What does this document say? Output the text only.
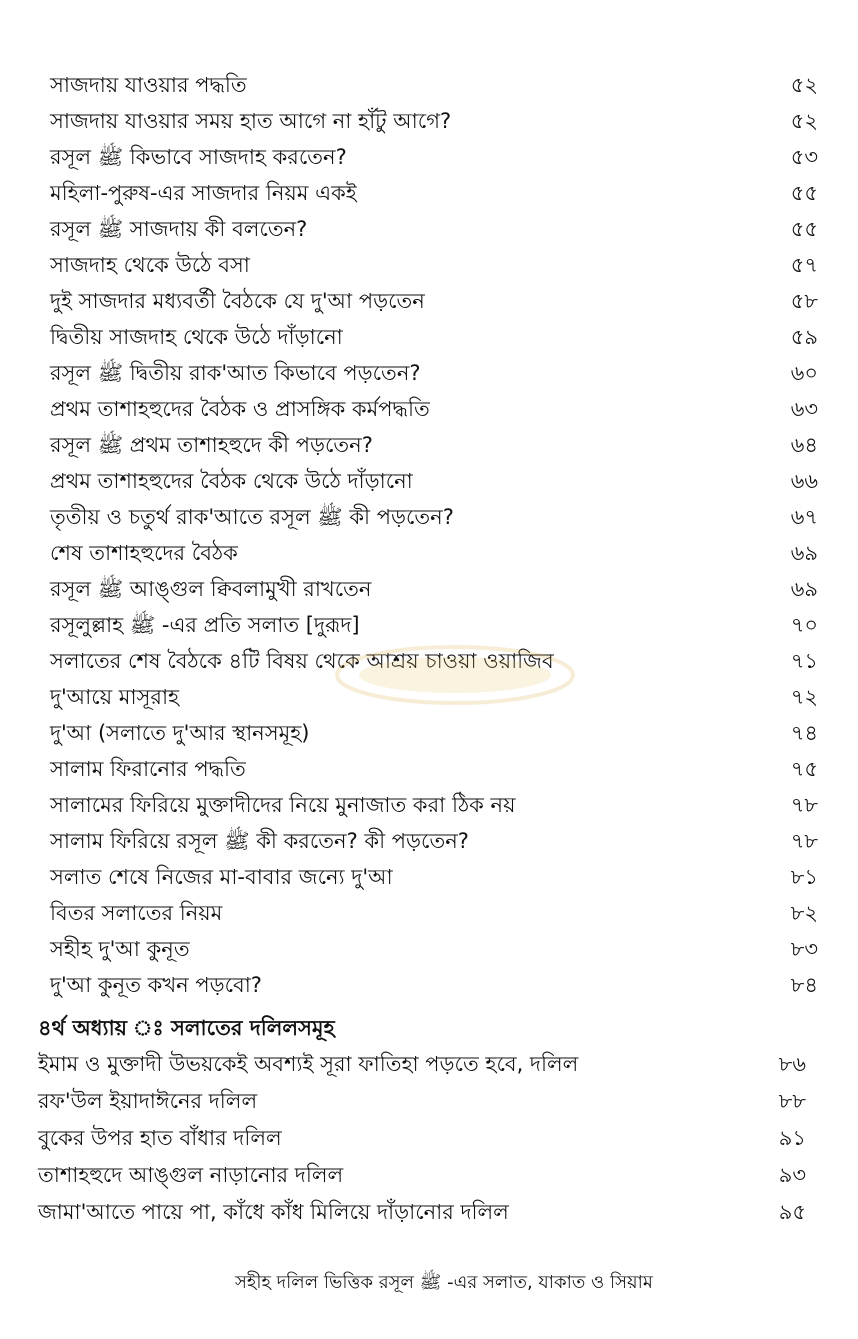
সাজদায় যাওয়ার পদ্ধতি	৫২
সাজদায় যাওয়ার সময় হাত আগে না হাঁটু আগে?	৫২
রসূল ﷺ কিভাবে সাজদাহ করতেন?	৫৩
মহিলা-পুরুষ-এর সাজদার নিয়ম একই	৫৫
রসূল ﷺ সাজদায় কী বলতেন?	৫৫
সাজদাহ থেকে উঠে বসা	৫৭
দুই সাজদার মধ্যবর্তী বৈঠকে যে দু'আ পড়তেন	৫৮
দ্বিতীয় সাজদাহ থেকে উঠে দাঁড়ানো	৫৯
রসূল ﷺ দ্বিতীয় রাক'আত কিভাবে পড়তেন?	৬০
প্রথম তাশাহহুদের বৈঠক ও প্রাসঙ্গিক কর্মপদ্ধতি	৬৩
রসূল ﷺ প্রথম তাশাহহুদে কী পড়তেন?	৬৪
প্রথম তাশাহহুদের বৈঠক থেকে উঠে দাঁড়ানো	৬৬
তৃতীয় ও চতুর্থ রাক'আতে রসূল ﷺ কী পড়তেন?	৬৭
শেষ তাশাহহুদের বৈঠক	৬৯
রসূল ﷺ আঙ্গুল ক্বিবলামুখী রাখতেন	৬৯
রসূলুল্লাহ ﷺ -এর প্রতি সলাত [দুরূদ]	৭০
সলাতের শেষ বৈঠকে ৪টি বিষয় থেকে আশ্রয় চাওয়া ওয়াজিব	৭১
দু'আয়ে মাসূরাহ	৭২
দু'আ (সলাতে দু'আর স্থানসমূহ)	৭৪
সালাম ফিরানোর পদ্ধতি	৭৫
সালামের ফিরিয়ে মুক্তাদীদের নিয়ে মুনাজাত করা ঠিক নয়	৭৮
সালাম ফিরিয়ে রসূল ﷺ কী করতেন? কী পড়তেন?	৭৮
সলাত শেষে নিজের মা-বাবার জন্যে দু'আ	৮১
বিতর সলাতের নিয়ম	৮২
সহীহ দু'আ কুনূত	৮৩
দু'আ কুনূত কখন পড়বো?	৮৪
৪র্থ অধ্যায় ঃ সলাতের দলিলসমূহ
ইমাম ও মুক্তাদী উভয়কেই অবশ্যই সূরা ফাতিহা পড়তে হবে, দলিল	৮৬
রফ'উল ইয়াদাঈনের দলিল	৮৮
বুকের উপর হাত বাঁধার দলিল	৯১
তাশাহহুদে আঙ্গুল নাড়ানোর দলিল	৯৩
জামা'আতে পায়ে পা, কাঁধে কাঁধ মিলিয়ে দাঁড়ানোর দলিল	৯৫
সহীহ দলিল ভিত্তিক রসূল ﷺ -এর সলাত, যাকাত ও সিয়াম
